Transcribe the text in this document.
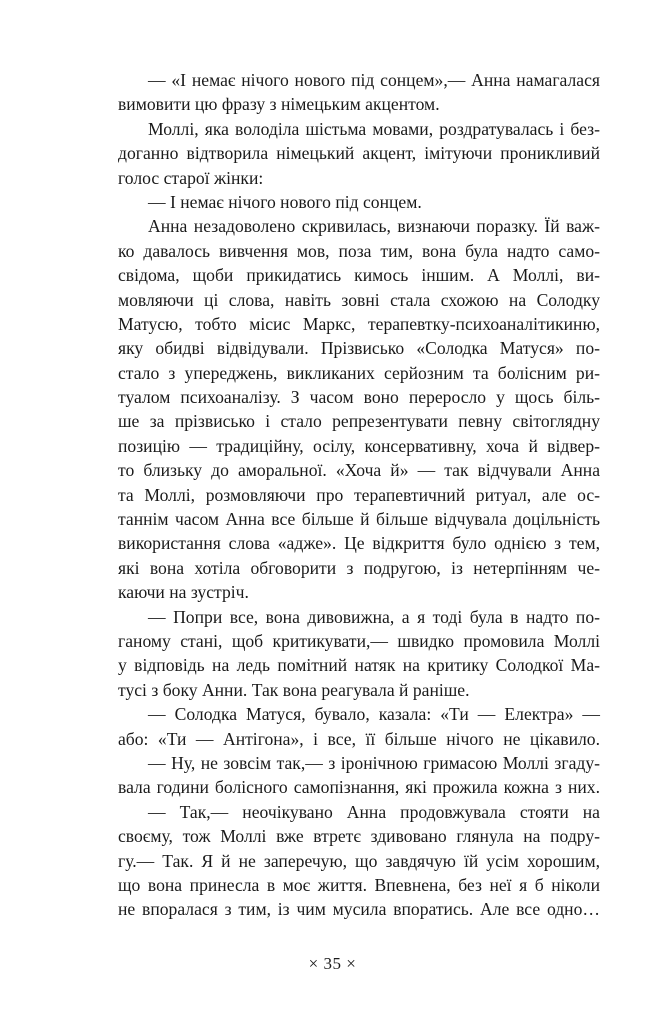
— «І немає нічого нового під сонцем»,— Анна намагалася
вимовити цю фразу з німецьким акцентом.
Моллі, яка володіла шістьма мовами, роздратувалась і без-
доганно відтворила німецький акцент, імітуючи проникливий
голос старої жінки:
— І немає нічого нового під сонцем.
Анна незадоволено скривилась, визнаючи поразку. Їй важ-
ко давалось вивчення мов, поза тим, вона була надто само-
свідома, щоби прикидатись кимось іншим. А Моллі, ви-
мовляючи ці слова, навіть зовні стала схожою на Солодку
Матусю, тобто місис Маркс, терапевтку-психоаналітикиню,
яку обидві відвідували. Прізвисько «Солодка Матуся» по-
стало з упереджень, викликаних серйозним та болісним ри-
туалом психоаналізу. З часом воно переросло у щось біль-
ше за прізвисько і стало репрезентувати певну світоглядну
позицію — традиційну, осілу, консервативну, хоча й відвер-
то близьку до аморальної. «Хоча й» — так відчували Анна
та Моллі, розмовляючи про терапевтичний ритуал, але ос-
таннім часом Анна все більше й більше відчувала доцільність
використання слова «адже». Це відкриття було однією з тем,
які вона хотіла обговорити з подругою, із нетерпінням че-
каючи на зустріч.
— Попри все, вона дивовижна, а я тоді була в надто по-
ганому стані, щоб критикувати,— швидко промовила Моллі
у відповідь на ледь помітний натяк на критику Солодкої Ма-
тусі з боку Анни. Так вона реагувала й раніше.
— Солодка Матуся, бувало, казала: «Ти — Електра» —
або: «Ти — Антігона», і все, її більше нічого не цікавило.
— Ну, не зовсім так,— з іронічною гримасою Моллі згаду-
вала години болісного самопізнання, які прожила кожна з них.
— Так,— неочікувано Анна продовжувала стояти на
своєму, тож Моллі вже втретє здивовано глянула на подру-
гу.— Так. Я й не заперечую, що завдячую їй усім хорошим,
що вона принесла в моє життя. Впевнена, без неї я б ніколи
не впоралася з тим, із чим мусила впоратись. Але все одно…
× 35 ×
